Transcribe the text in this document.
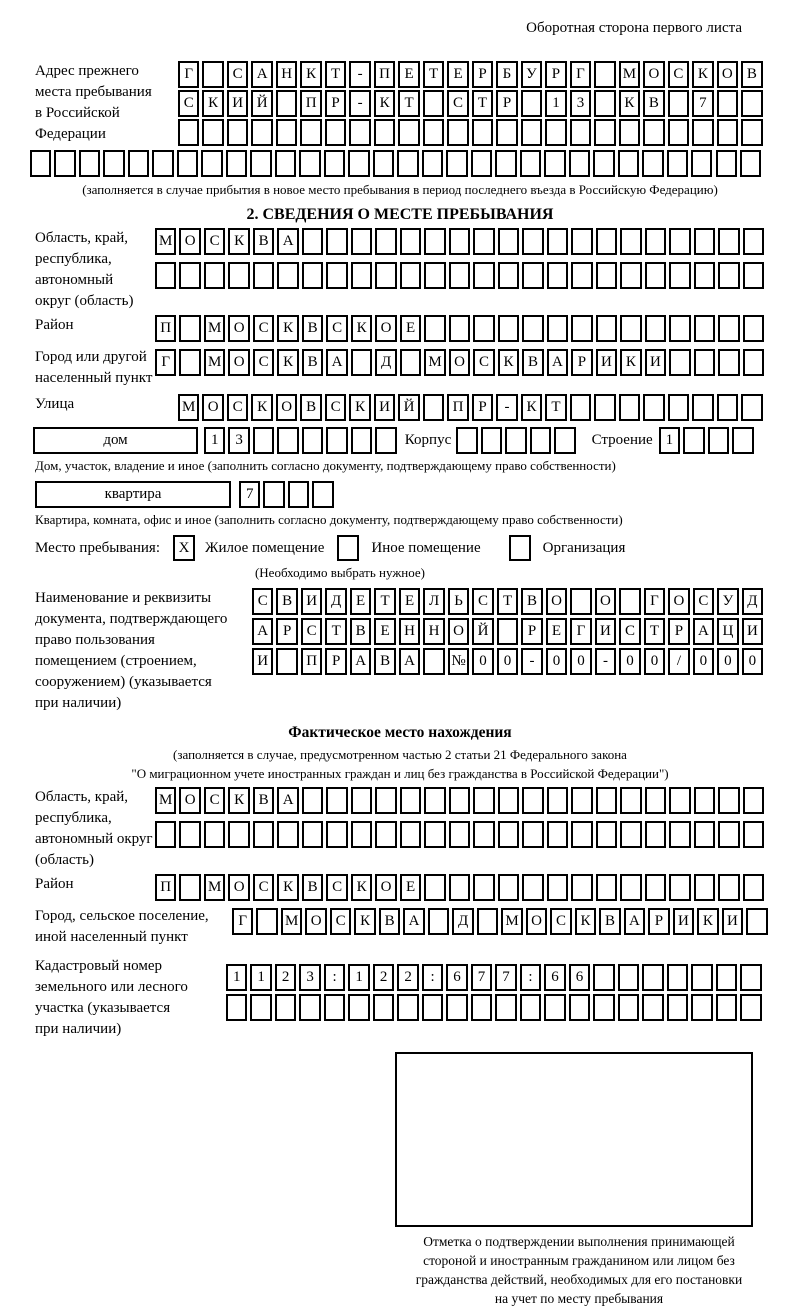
Оборотная сторона первого листа
Адрес прежнего
места пребывания
в Российской
Федерации
Г	С А Н К Т	-	П Е	Т	Е	Р	Б У	Р	Г	М О С К О В
С К И Й	П Р	-	К Т	С Т	Р	1	3	К В	7
(заполняется в случае прибытия в новое место пребывания в период последнего въезда в Российскую Федерацию)
2. СВЕДЕНИЯ О МЕСТЕ ПРЕБЫВАНИЯ
Область, край,
республика,
автономный
округ (область)
М О С К В А
Район	П	М О С К В С К О Е
Город или другой
населенный пункт
Г	М О С К В А	Д	М О С К В А Р И К И
Улица	М О С К О В С К И Й	П Р	-	К Т
дом	1	3	Корпус	Строение 1
Дом, участок, владение и иное (заполнить согласно документу, подтверждающему право собственности)
квартира	7
Квартира, комната, офис и иное (заполнить согласно документу, подтверждающему право собственности)
Место пребывания:	X	Жилое помещение	Иное помещение	Организация
(Необходимо выбрать нужное)
Наименование и реквизиты
документа, подтверждающего
право пользования
помещением (строением,
сооружением) (указывается
при наличии)
С В И Д Е	Т	Е Л	Ь	С Т В О	О	Г О С У Д
А Р	С Т В Е Н Н О Й	Р	Е	Г И С Т	Р А Ц И
И	П Р А В А	№ 0	0	-	0	0	-	0	0	/	0	0	0
Фактическое место нахождения
(заполняется в случае, предусмотренном частью 2 статьи 21 Федерального закона
"О миграционном учете иностранных граждан и лиц без гражданства в Российской Федерации")
Область, край,
республика,
автономный округ
(область)
М О С К В А
Район	П	М О С К В С К О Е
Город, сельское поселение,
иной населенный пункт
Г	М О С К В А	Д	М О С К В А Р И К И
Кадастровый номер
земельного или лесного
участка (указывается
при наличии)
1	1	2	3	:	1	2	2	:	6	7	7	:	6	6
Отметка о подтверждении выполнения принимающей
стороной и иностранным гражданином или лицом без
гражданства действий, необходимых для его постановки
на учет по месту пребывания
